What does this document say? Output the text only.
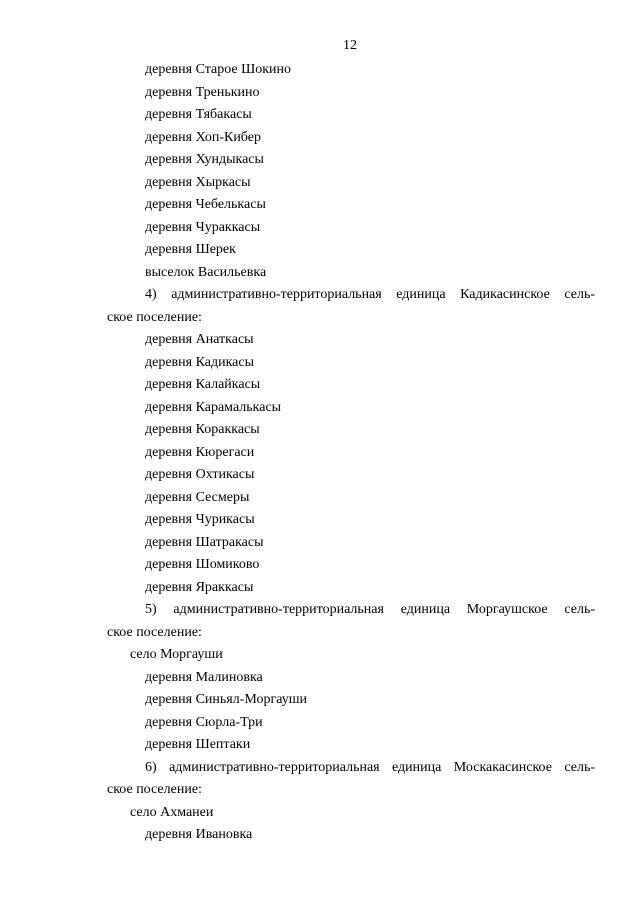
12
деревня Старое Шокино
деревня Тренькино
деревня Тябакасы
деревня Хоп-Кибер
деревня Хундыкасы
деревня Хыркасы
деревня Чебелькасы
деревня Чураккасы
деревня Шерек
выселок Васильевка
4) административно-территориальная единица Кадикасинское сель-
ское поселение:
деревня Анаткасы
деревня Кадикасы
деревня Калайкасы
деревня Карамалькасы
деревня Кораккасы
деревня Кюрегаси
деревня Охтикасы
деревня Сесмеры
деревня Чурикасы
деревня Шатракасы
деревня Шомиково
деревня Яраккасы
5) административно-территориальная единица Моргаушское сель-
ское поселение:
село Моргауши
деревня Малиновка
деревня Синьял-Моргауши
деревня Сюрла-Три
деревня Шептаки
6) административно-территориальная единица Москакасинское сель-
ское поселение:
село Ахманеи
деревня Ивановка
